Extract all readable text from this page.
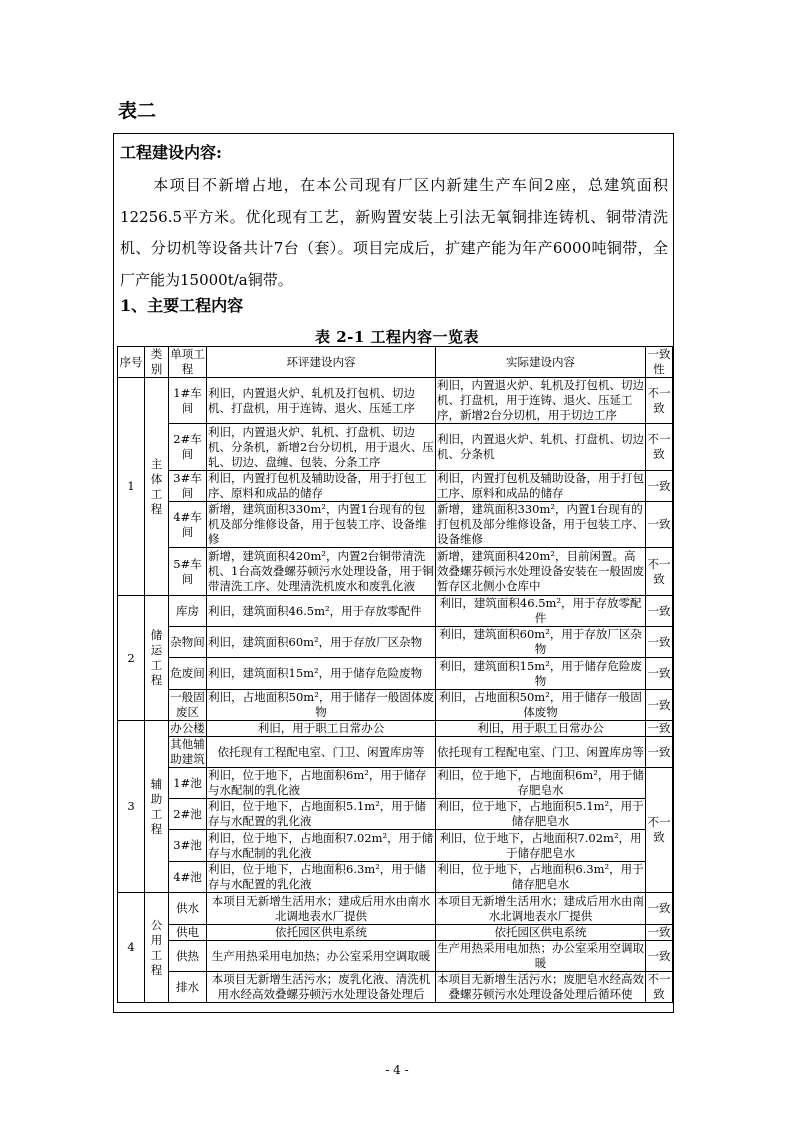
表二
工程建设内容:
本项目不新增占地，在本公司现有厂区内新建生产车间2座，总建筑面积12256.5平方米。优化现有工艺，新购置安装上引法无氧铜排连铸机、铜带清洗机、分切机等设备共计7台（套）。项目完成后，扩建产能为年产6000吨铜带，全厂产能为15000t/a铜带。
1、主要工程内容
表 2-1 工程内容一览表
序号	类别	单项工程	环评建设内容	实际建设内容	一致性
1	主体工程	1#车间	利旧，内置退火炉、轧机及打包机、切边机、打盘机，用于连铸、退火、压延工序	利旧，内置退火炉、轧机及打包机、切边机、打盘机，用于连铸、退火、压延工序，新增2台分切机，用于切边工序	不一致
		2#车间	利旧，内置退火炉、轧机、打盘机、切边机、分条机，新增2台分切机，用于退火、压轧、切边、盘缠、包装、分条工序	利旧，内置退火炉、轧机、打盘机、切边机、分条机	不一致
		3#车间	利旧，内置打包机及辅助设备，用于打包工序、原料和成品的储存	利旧，内置打包机及辅助设备，用于打包工序、原料和成品的储存	一致
		4#车间	新增，建筑面积330m²，内置1台现有的包机及部分维修设备，用于包装工序、设备维修	新增，建筑面积330m²，内置1台现有的打包机及部分维修设备，用于包装工序、设备维修	一致
		5#车间	新增，建筑面积420m²，内置2台铜带清洗机、1台高效叠螺芬顿污水处理设备，用于铜带清洗工序、处理清洗机废水和废乳化液	新增，建筑面积420m²，目前闲置。高效叠螺芬顿污水处理设备安装在一般固废暂存区北侧小仓库中	不一致
2	储运工程	库房	利旧，建筑面积46.5m²，用于存放零配件	利旧，建筑面积46.5m²，用于存放零配件	一致
		杂物间	利旧，建筑面积60m²，用于存放厂区杂物	利旧，建筑面积60m²，用于存放厂区杂物	一致
		危废间	利旧，建筑面积15m²，用于储存危险废物	利旧，建筑面积15m²，用于储存危险废物	一致
		一般固废区	利旧，占地面积50m²，用于储存一般固体废物	利旧，占地面积50m²，用于储存一般固体废物	一致
3	辅助工程	办公楼	利旧，用于职工日常办公	利旧，用于职工日常办公	一致
		其他辅助建筑	依托现有工程配电室、门卫、闲置库房等	依托现有工程配电室、门卫、闲置库房等	一致
		1#池	利旧，位于地下，占地面积6m²，用于储存与水配制的乳化液	利旧，位于地下，占地面积6m²，用于储存肥皂水	不一致
		2#池	利旧，位于地下，占地面积5.1m²，用于储存与水配置的乳化液	利旧，位于地下，占地面积5.1m²，用于储存肥皂水	
		3#池	利旧，位于地下，占地面积7.02m²，用于储存与水配制的乳化液	利旧，位于地下，占地面积7.02m²，用于储存肥皂水	
		4#池	利旧，位于地下，占地面积6.3m²，用于储存与水配置的乳化液	利旧，位于地下，占地面积6.3m²，用于储存肥皂水	
4	公用工程	供水	本项目无新增生活用水；建成后用水由南水北调地表水厂提供	本项目无新增生活用水；建成后用水由南水北调地表水厂提供	一致
		供电	依托园区供电系统	依托园区供电系统	一致
		供热	生产用热采用电加热；办公室采用空调取暖	生产用热采用电加热；办公室采用空调取暖	一致
		排水	本项目无新增生活污水；废乳化液、清洗机用水经高效叠螺芬顿污水处理设备处理后	本项目无新增生活污水；废肥皂水经高效叠螺芬顿污水处理设备处理后循环使	不一致
- 4 -
